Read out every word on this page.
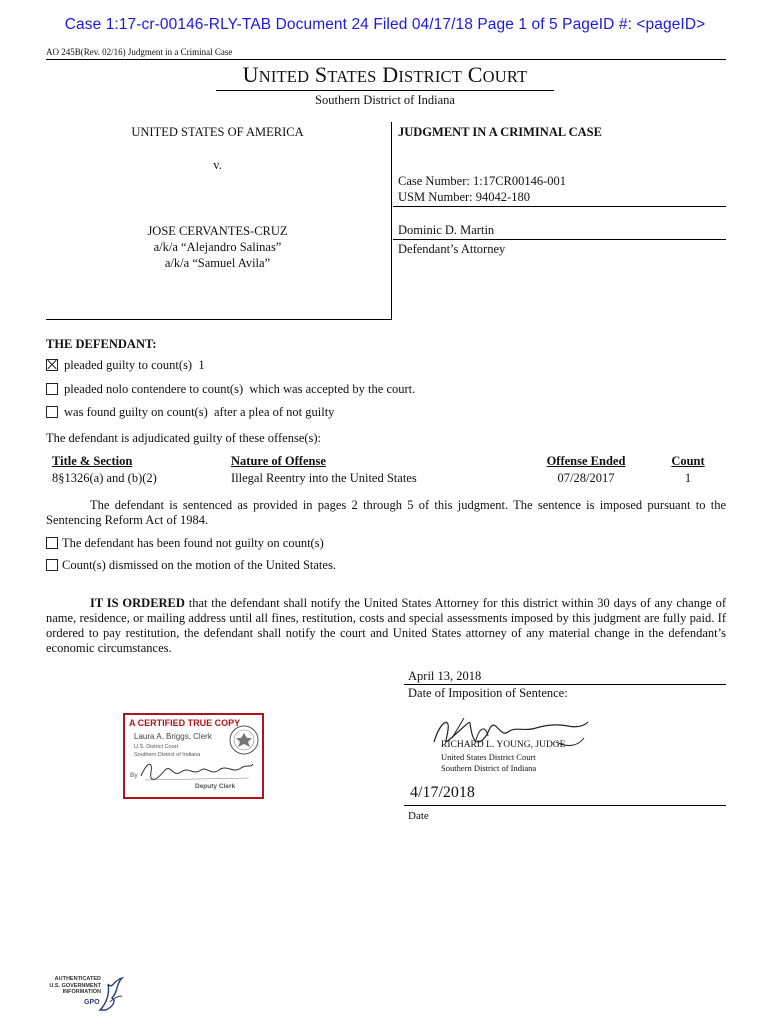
Case 1:17-cr-00146-RLY-TAB Document 24 Filed 04/17/18 Page 1 of 5 PageID #: <pageID>
AO 245B(Rev. 02/16) Judgment in a Criminal Case
UNITED STATES DISTRICT COURT
Southern District of Indiana
UNITED STATES OF AMERICA
v.
JOSE CERVANTES-CRUZ
a/k/a “Alejandro Salinas”
a/k/a “Samuel Avila”
JUDGMENT IN A CRIMINAL CASE
Case Number: 1:17CR00146-001
USM Number: 94042-180
Dominic D. Martin
Defendant’s Attorney
THE DEFENDANT:
pleaded guilty to count(s) 1
pleaded nolo contendere to count(s) which was accepted by the court.
was found guilty on count(s) after a plea of not guilty
The defendant is adjudicated guilty of these offense(s):
Title & Section	Nature of Offense	Offense Ended	Count
8§1326(a) and (b)(2)	Illegal Reentry into the United States	07/28/2017	1
The defendant is sentenced as provided in pages 2 through 5 of this judgment. The sentence is imposed pursuant to the Sentencing Reform Act of 1984.
The defendant has been found not guilty on count(s)
Count(s) dismissed on the motion of the United States.
IT IS ORDERED that the defendant shall notify the United States Attorney for this district within 30 days of any change of name, residence, or mailing address until all fines, restitution, costs and special assessments imposed by this judgment are fully paid. If ordered to pay restitution, the defendant shall notify the court and United States attorney of any material change in the defendant’s economic circumstances.
April 13, 2018
Date of Imposition of Sentence:
RICHARD L. YOUNG, JUDGE
United States District Court
Southern District of Indiana
4/17/2018
Date
A CERTIFIED TRUE COPY
Laura A. Briggs, Clerk
U.S. District Court
Southern District of Indiana
By
Deputy Clerk
AUTHENTICATED
U.S. GOVERNMENT
INFORMATION
GPO
